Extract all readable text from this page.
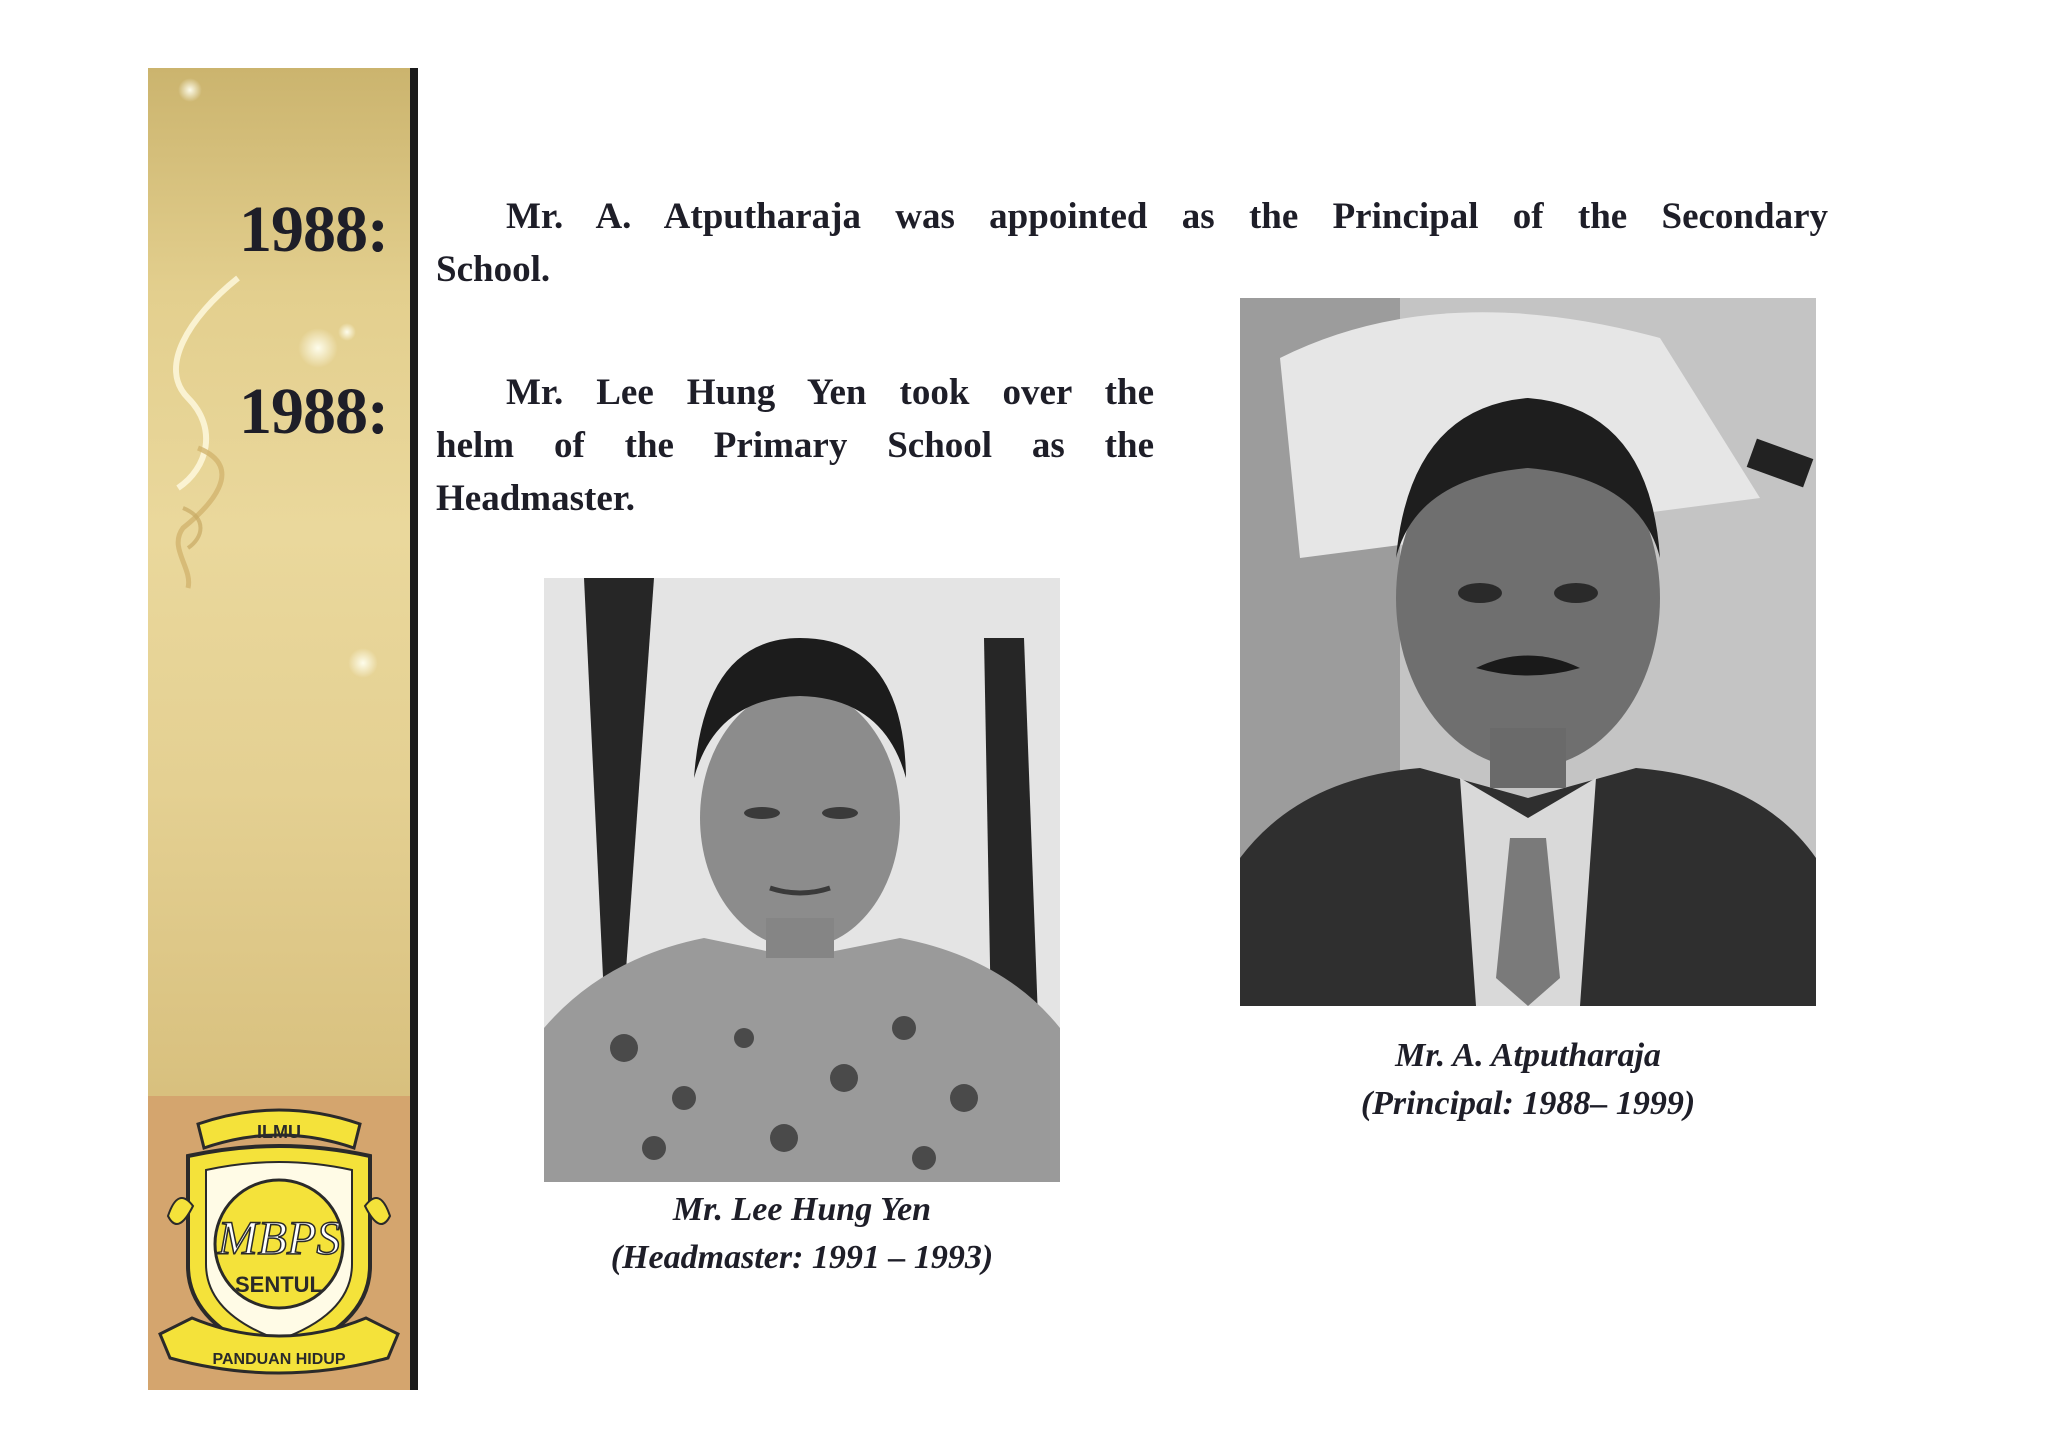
ILMU
MBPS
SENTUL
PANDUAN HIDUP
1988:	Mr. A. Atputharaja was appointed as the Principal of the Secondary
School.
1988:	Mr. Lee Hung Yen took over the
helm of the Primary School as the
Headmaster.
Mr. A. Atputharaja
(Principal: 1988– 1999)
Mr. Lee Hung Yen
(Headmaster: 1991 – 1993)
